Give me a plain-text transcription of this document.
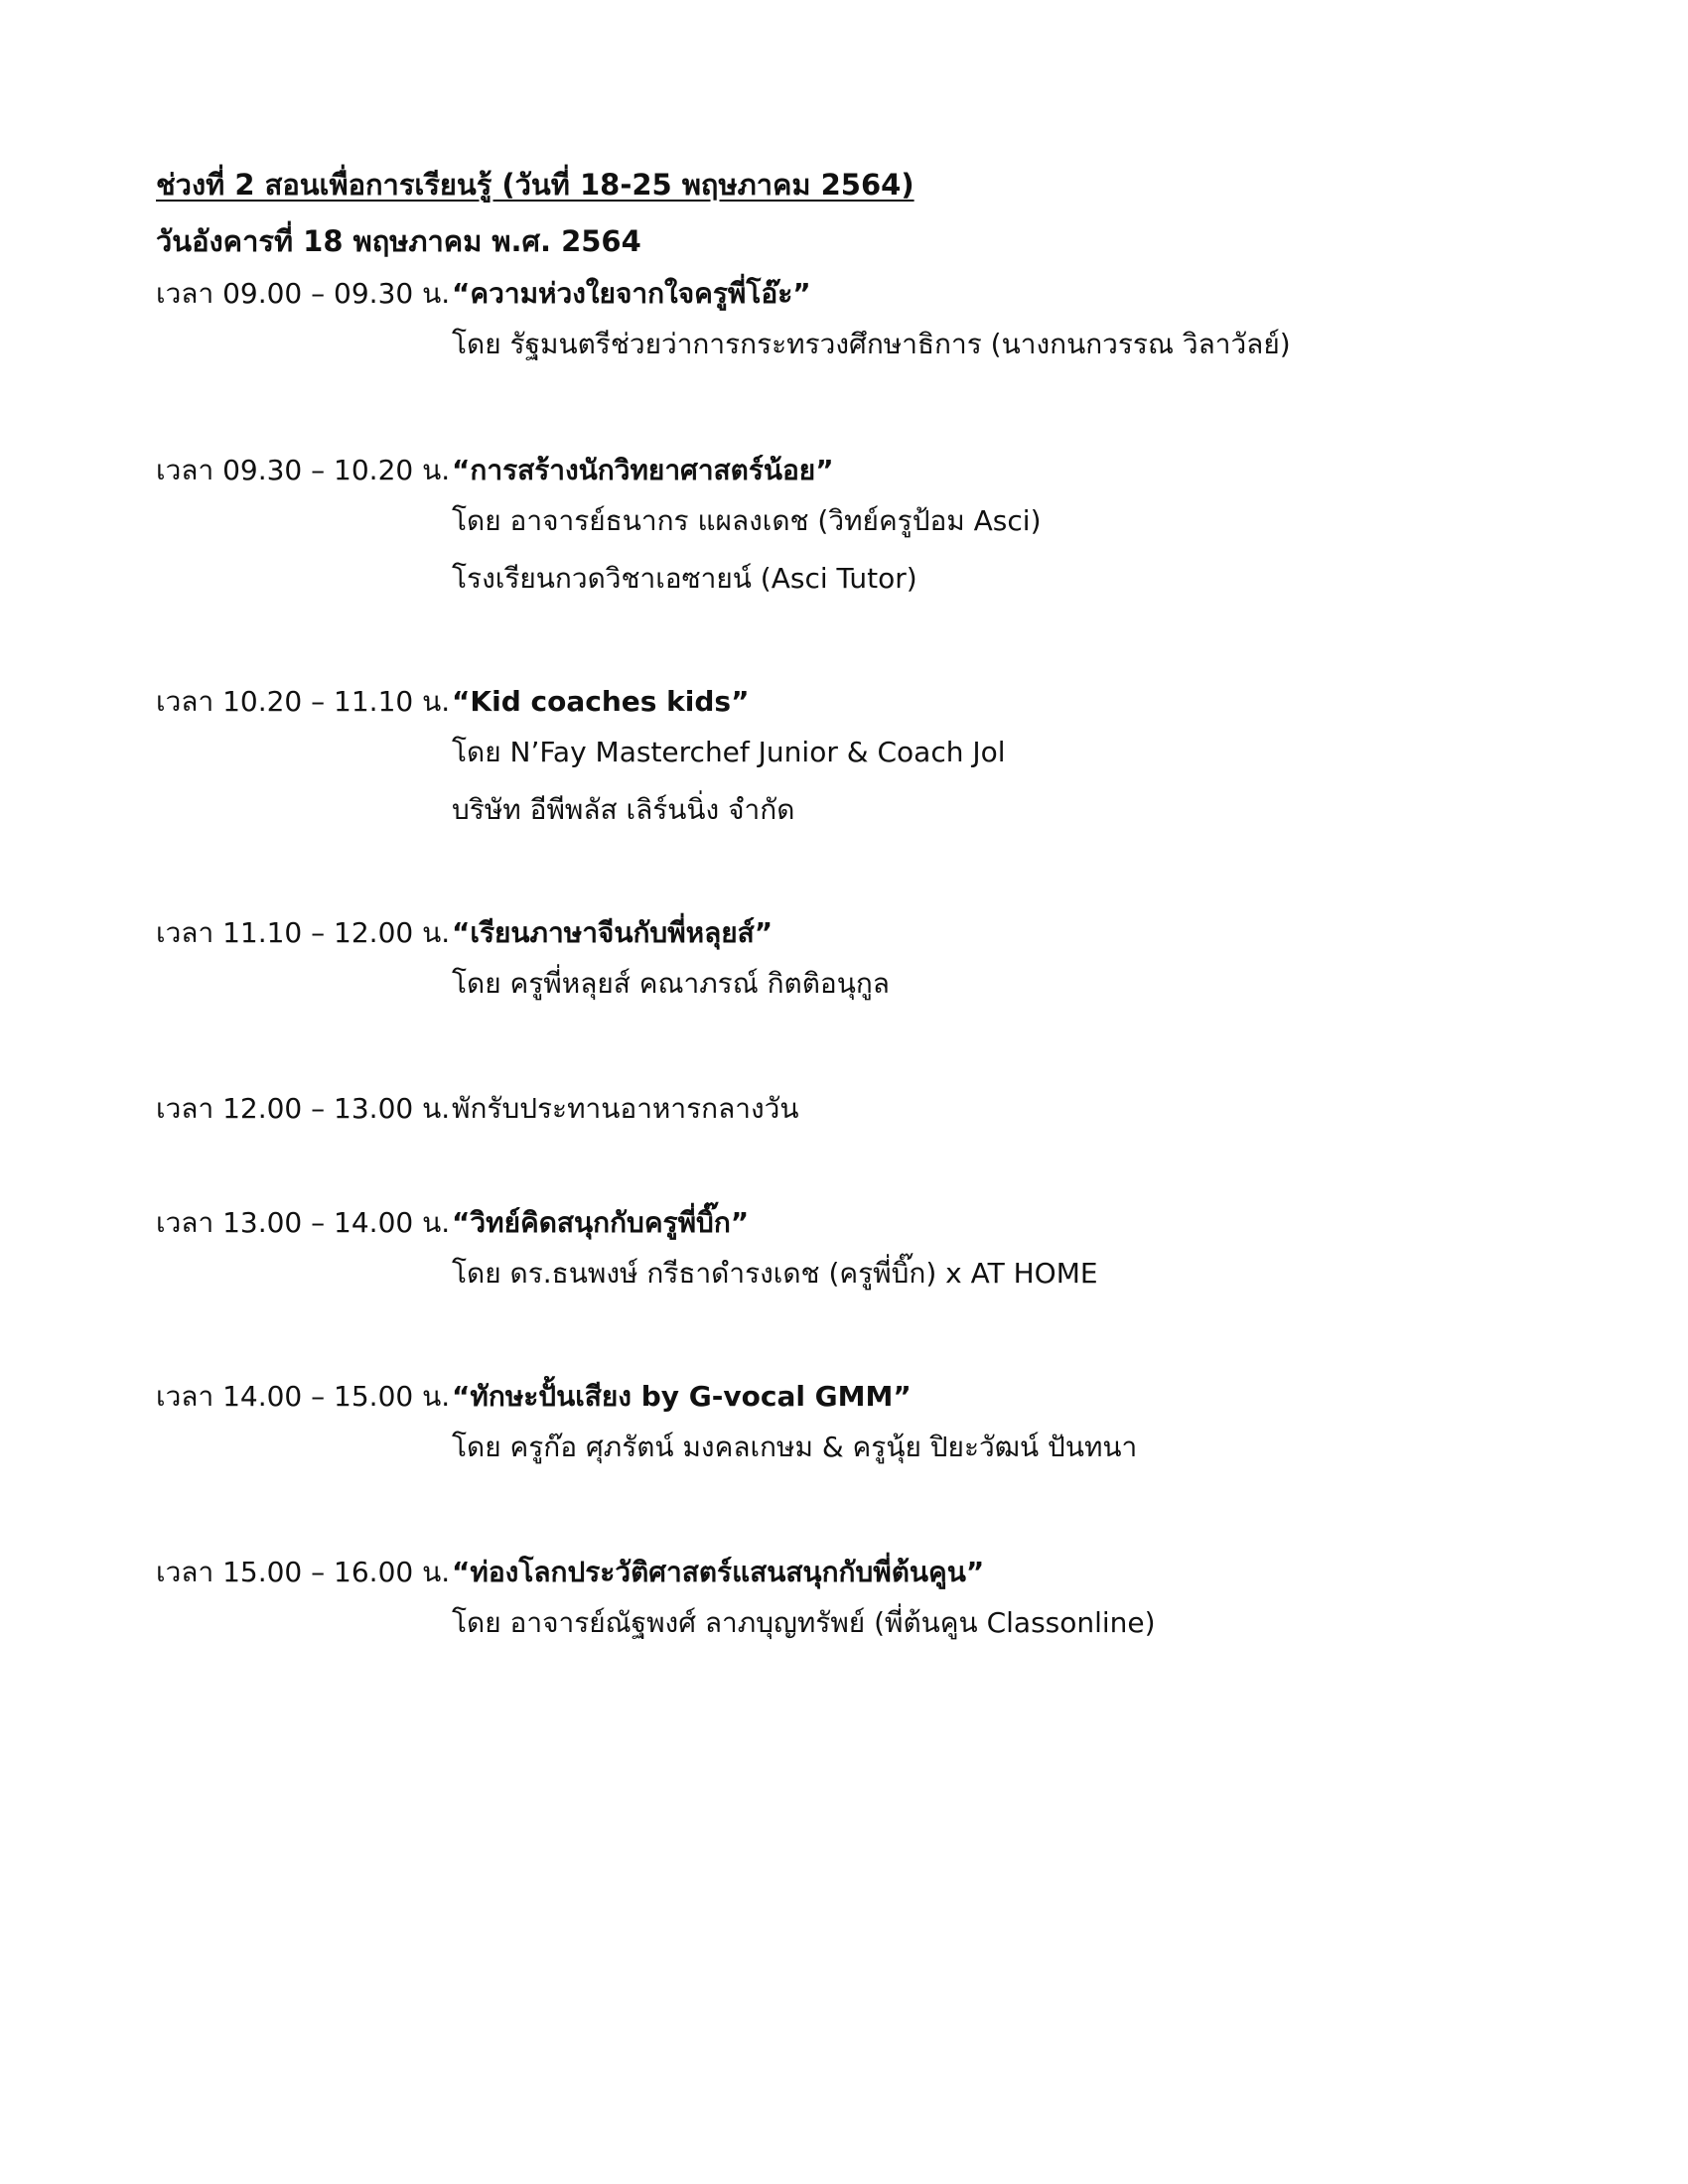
ช่วงที่ 2 สอนเพื่อการเรียนรู้ (วันที่ 18-25 พฤษภาคม 2564)
วันอังคารที่ 18 พฤษภาคม พ.ศ. 2564
เวลา 09.00 – 09.30 น. “ความห่วงใยจากใจครูพี่โอ๊ะ”
โดย รัฐมนตรีช่วยว่าการกระทรวงศึกษาธิการ (นางกนกวรรณ วิลาวัลย์)
เวลา 09.30 – 10.20 น. “การสร้างนักวิทยาศาสตร์น้อย”
โดย อาจารย์ธนากร แผลงเดช (วิทย์ครูป้อม Asci)
โรงเรียนกวดวิชาเอซายน์ (Asci Tutor)
เวลา 10.20 – 11.10 น. “Kid coaches kids”
โดย N’Fay Masterchef Junior & Coach Jol
บริษัท อีพีพลัส เลิร์นนิ่ง จำกัด
เวลา 11.10 – 12.00 น. “เรียนภาษาจีนกับพี่หลุยส์”
โดย ครูพี่หลุยส์ คณาภรณ์ กิตติอนุกูล
เวลา 12.00 – 13.00 น. พักรับประทานอาหารกลางวัน
เวลา 13.00 – 14.00 น. “วิทย์คิดสนุกกับครูพี่บิ๊ก”
โดย ดร.ธนพงษ์ กรีธาดำรงเดช (ครูพี่บิ๊ก) x AT HOME
เวลา 14.00 – 15.00 น. “ทักษะปั้นเสียง by G-vocal GMM”
โดย ครูก๊อ ศุภรัตน์ มงคลเกษม & ครูนุ้ย ปิยะวัฒน์ ปันทนา
เวลา 15.00 – 16.00 น. “ท่องโลกประวัติศาสตร์แสนสนุกกับพี่ต้นคูน”
โดย อาจารย์ณัฐพงศ์ ลาภบุญทรัพย์ (พี่ต้นคูน Classonline)
